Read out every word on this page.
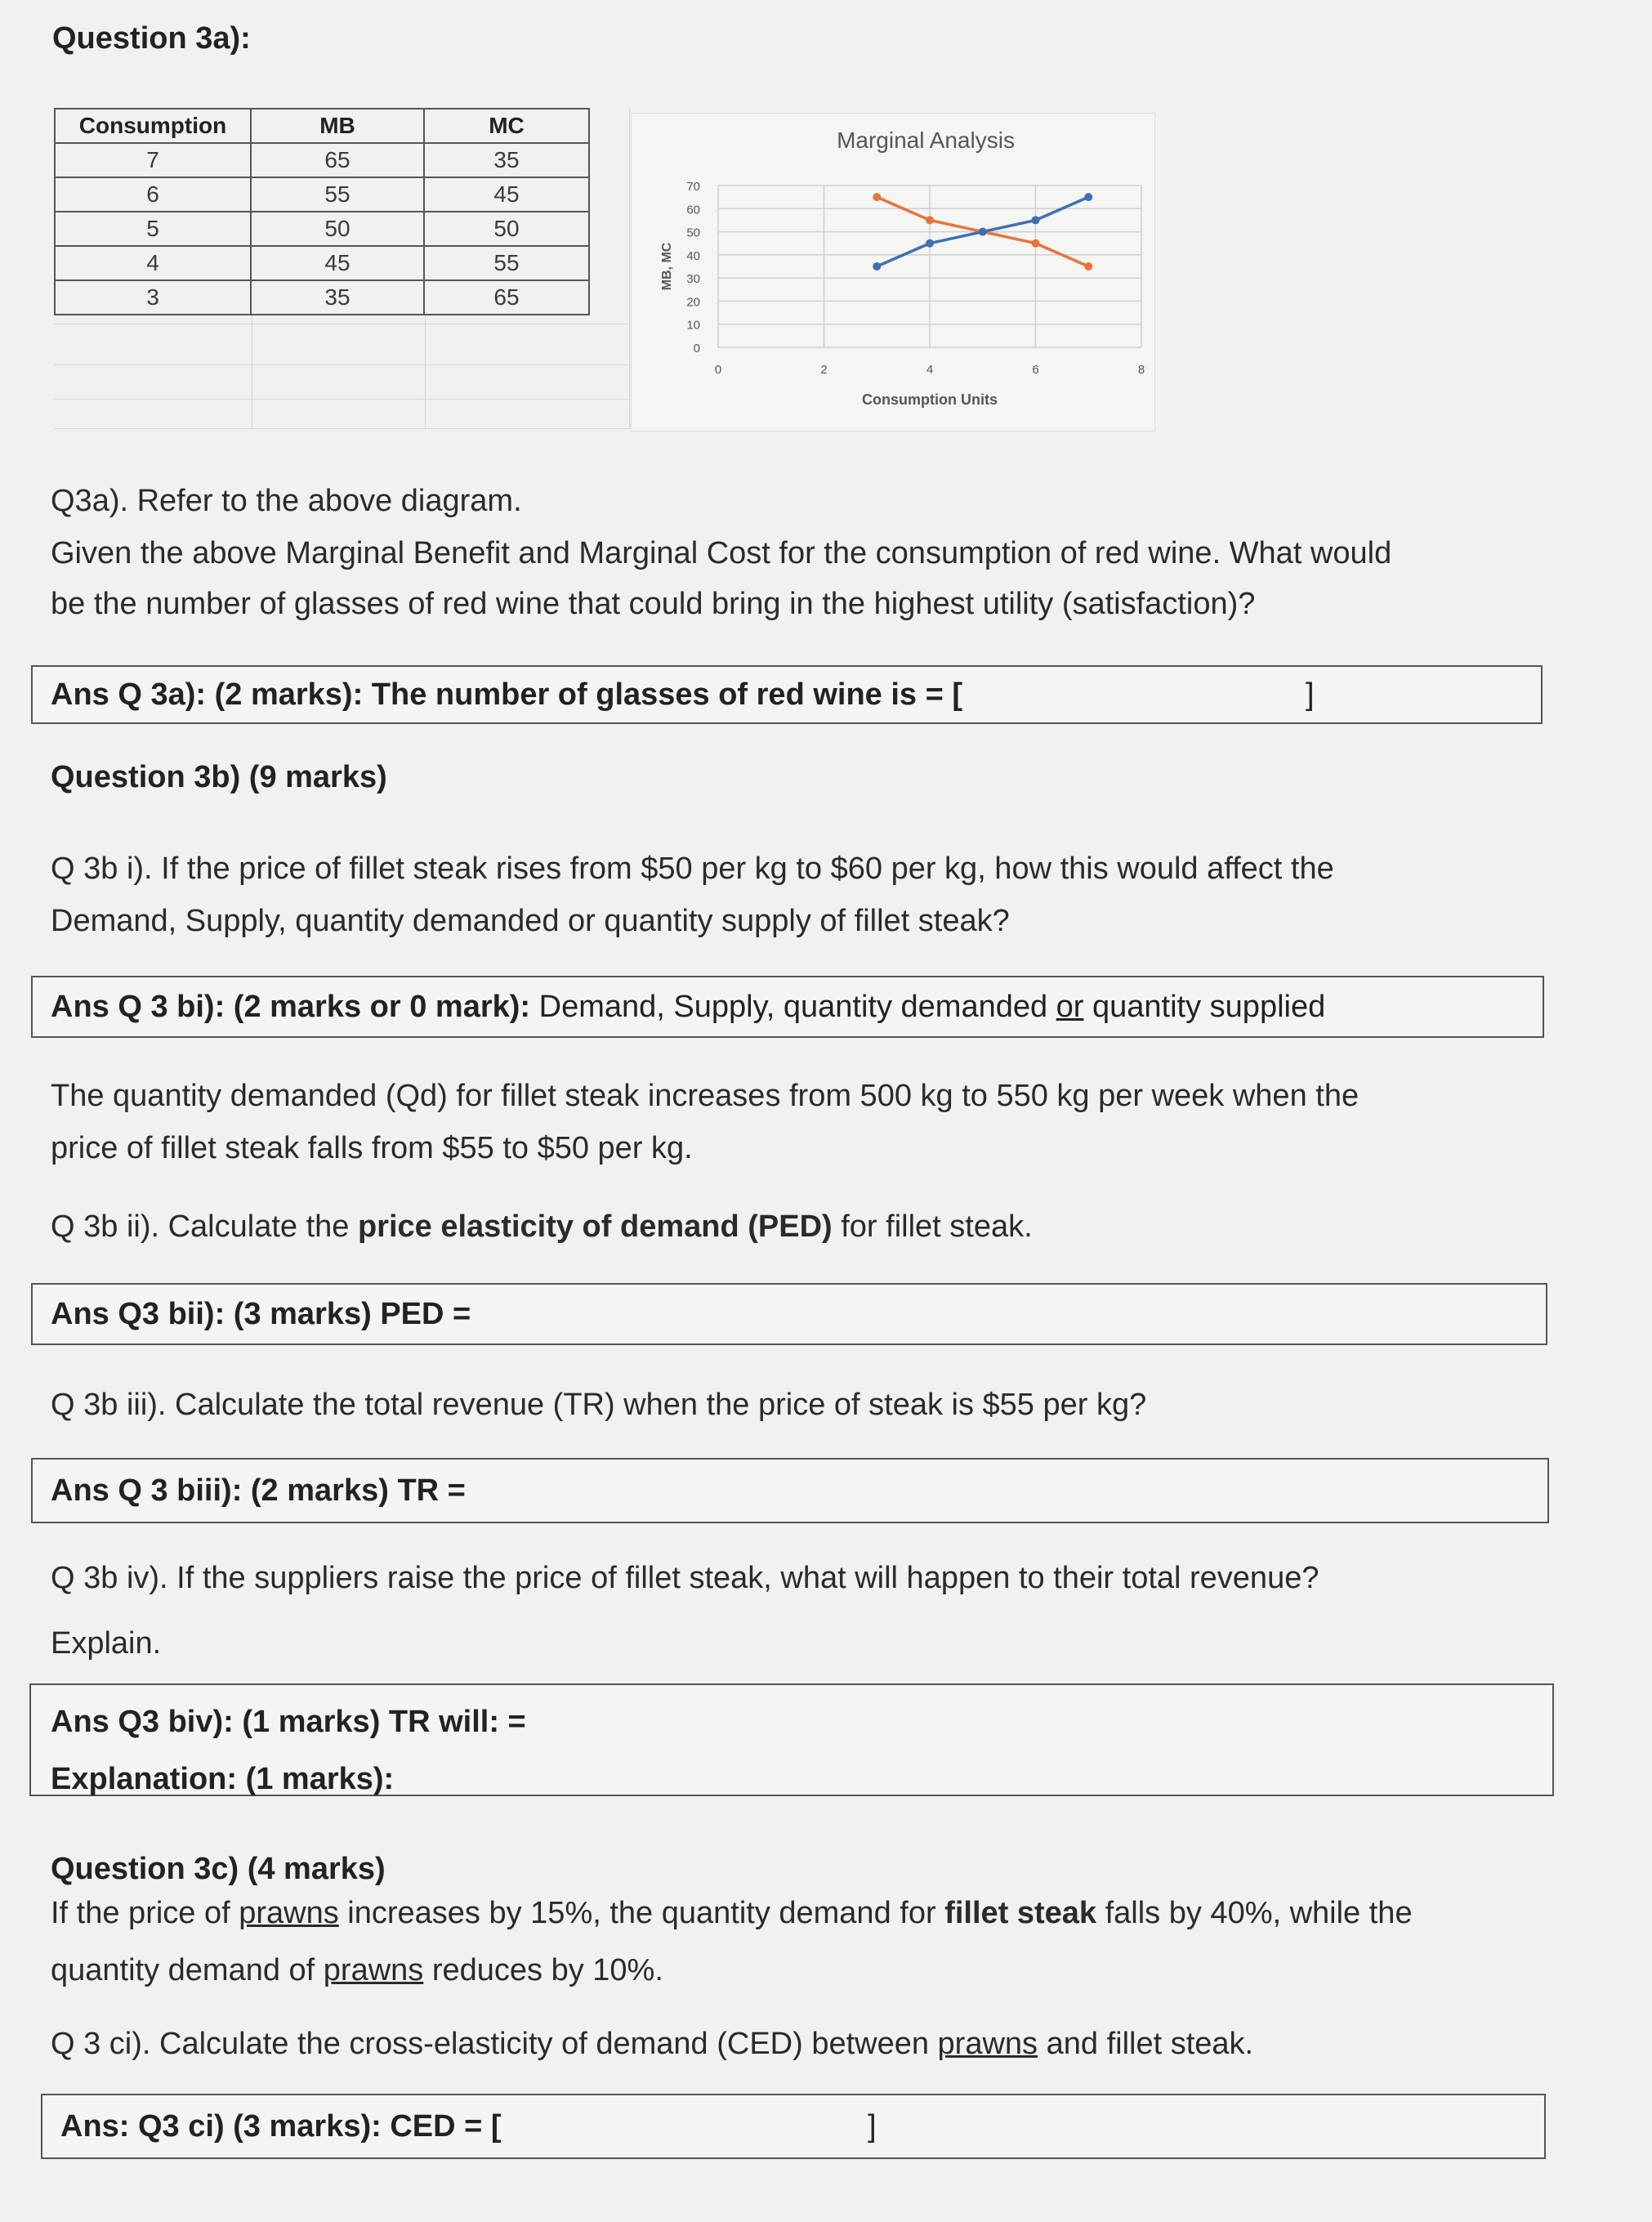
Question 3a):
Consumption	MB	MC
7	65	35
6	55	45
5	50	50
4	45	55
3	35	65
Marginal Analysis
70
60
50
40
30
20
10
0
0	2	4	6	8
MB, MC
Consumption Units
Q3a). Refer to the above diagram.
Given the above Marginal Benefit and Marginal Cost for the consumption of red wine. What would
be the number of glasses of red wine that could bring in the highest utility (satisfaction)?
Ans Q 3a): (2 marks): The number of glasses of red wine is = [	]
Question 3b) (9 marks)
Q 3b i). If the price of fillet steak rises from $50 per kg to $60 per kg, how this would affect the
Demand, Supply, quantity demanded or quantity supply of fillet steak?
Ans Q 3 bi): (2 marks or 0 mark): Demand, Supply, quantity demanded or quantity supplied
The quantity demanded (Qd) for fillet steak increases from 500 kg to 550 kg per week when the
price of fillet steak falls from $55 to $50 per kg.
Q 3b ii). Calculate the price elasticity of demand (PED) for fillet steak.
Ans Q3 bii): (3 marks) PED =
Q 3b iii). Calculate the total revenue (TR) when the price of steak is $55 per kg?
Ans Q 3 biii): (2 marks) TR =
Q 3b iv). If the suppliers raise the price of fillet steak, what will happen to their total revenue?
Explain.
Ans Q3 biv): (1 marks) TR will: =
Explanation: (1 marks):
Question 3c) (4 marks)
If the price of prawns increases by 15%, the quantity demand for fillet steak falls by 40%, while the
quantity demand of prawns reduces by 10%.
Q 3 ci). Calculate the cross-elasticity of demand (CED) between prawns and fillet steak.
Ans: Q3 ci) (3 marks): CED = [	]
